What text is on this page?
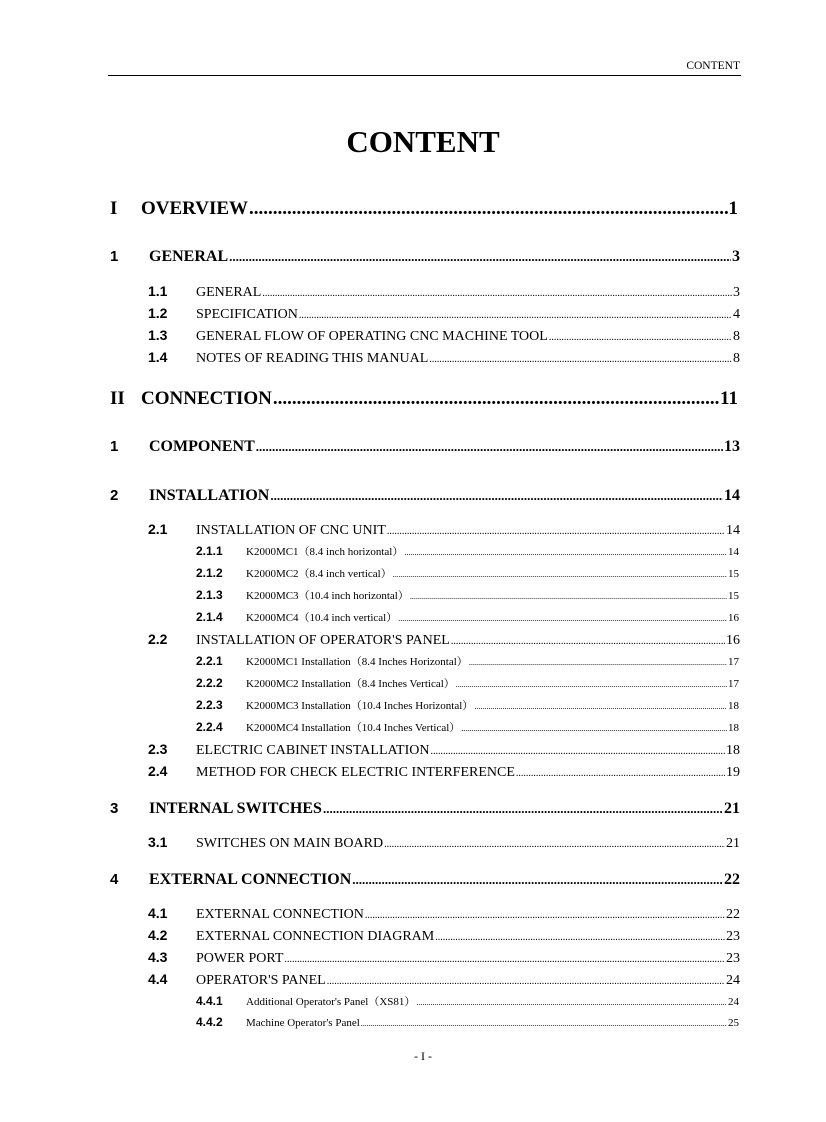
CONTENT
CONTENT
I	OVERVIEW .....	1
1	GENERAL .....	3
1.1	GENERAL .....	3
1.2	SPECIFICATION .....	4
1.3	GENERAL FLOW OF OPERATING CNC MACHINE TOOL .....	8
1.4	NOTES OF READING THIS MANUAL .....	8
II CONNECTION .....	11
1	COMPONENT .....	13
2	INSTALLATION .....	14
2.1	INSTALLATION OF CNC UNIT .....	14
2.1.1	K2000MC1（8.4 inch horizontal） .....	14
2.1.2	K2000MC2（8.4 inch vertical） .....	15
2.1.3	K2000MC3（10.4 inch horizontal） .....	15
2.1.4	K2000MC4（10.4 inch vertical） .....	16
2.2	INSTALLATION OF OPERATOR'S PANEL .....	16
2.2.1	K2000MC1 Installation（8.4 Inches Horizontal） .....	17
2.2.2	K2000MC2 Installation（8.4 Inches Vertical） .....	17
2.2.3	K2000MC3 Installation（10.4 Inches Horizontal） .....	18
2.2.4	K2000MC4 Installation（10.4 Inches Vertical） .....	18
2.3	ELECTRIC CABINET INSTALLATION .....	18
2.4	METHOD FOR CHECK ELECTRIC INTERFERENCE .....	19
3	INTERNAL SWITCHES .....	21
3.1	SWITCHES ON MAIN BOARD .....	21
4	EXTERNAL CONNECTION .....	22
4.1	EXTERNAL CONNECTION .....	22
4.2	EXTERNAL CONNECTION DIAGRAM .....	23
4.3	POWER PORT .....	23
4.4	OPERATOR'S PANEL .....	24
4.4.1	Additional Operator's Panel（XS81） .....	24
4.4.2	Machine Operator's Panel .....	25
- I -
